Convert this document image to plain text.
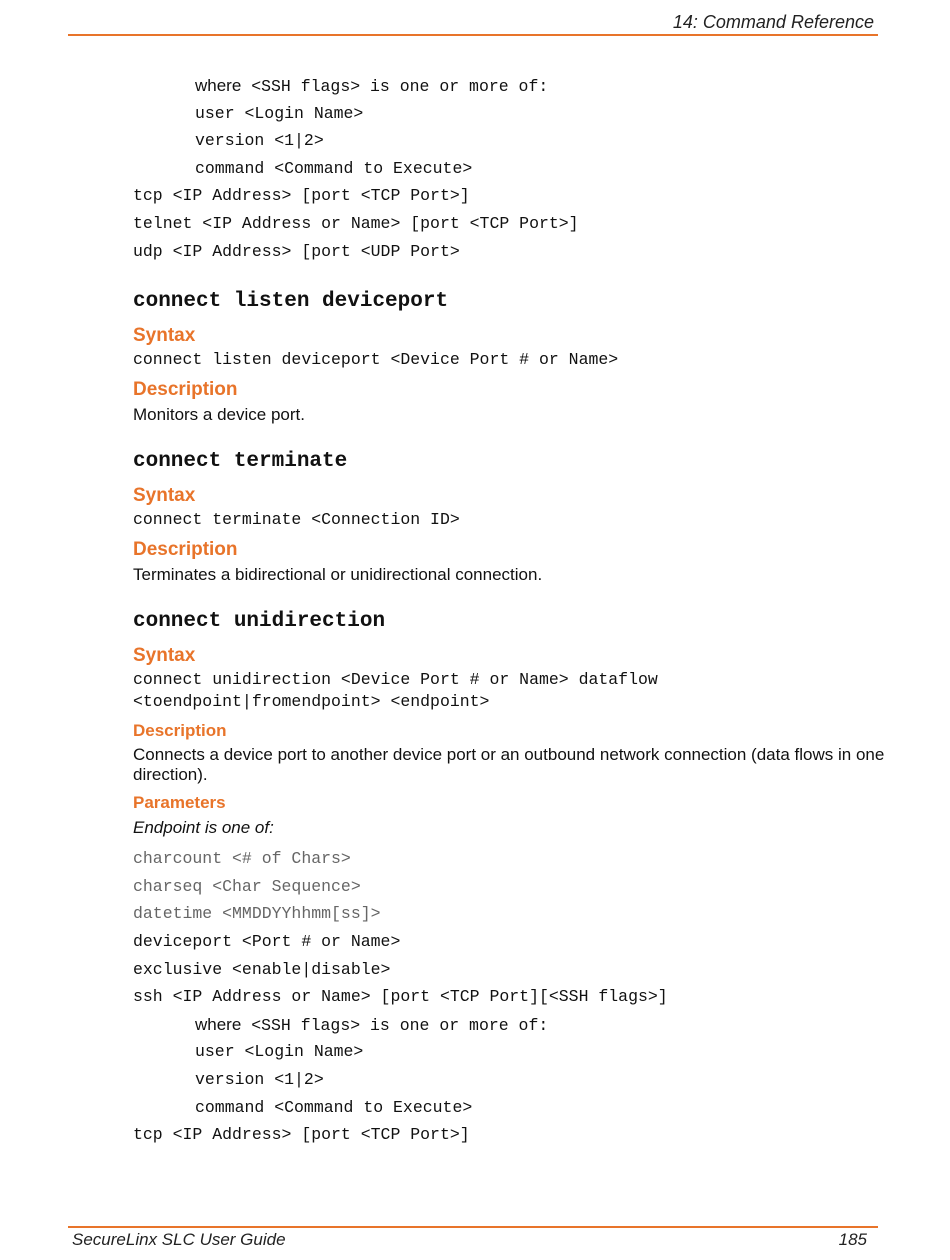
14: Command Reference
where <SSH flags> is one or more of:
user <Login Name>
version <1|2>
command <Command to Execute>
tcp <IP Address> [port <TCP Port>]
telnet <IP Address or Name> [port <TCP Port>]
udp <IP Address> [port <UDP Port>
connect listen deviceport
Syntax
connect listen deviceport <Device Port # or Name>
Description
Monitors a device port.
connect terminate
Syntax
connect terminate <Connection ID>
Description
Terminates a bidirectional or unidirectional connection.
connect unidirection
Syntax
connect unidirection <Device Port # or Name> dataflow
<toendpoint|fromendpoint> <endpoint>
Description
Connects a device port to another device port or an outbound network connection (data flows in one direction).
Parameters
Endpoint is one of:
charcount <# of Chars>
charseq <Char Sequence>
datetime <MMDDYYhhmm[ss]>
deviceport <Port # or Name>
exclusive <enable|disable>
ssh <IP Address or Name> [port <TCP Port][<SSH flags>]
where <SSH flags> is one or more of:
user <Login Name>
version <1|2>
command <Command to Execute>
tcp <IP Address> [port <TCP Port>]
SecureLinx SLC User Guide	185
